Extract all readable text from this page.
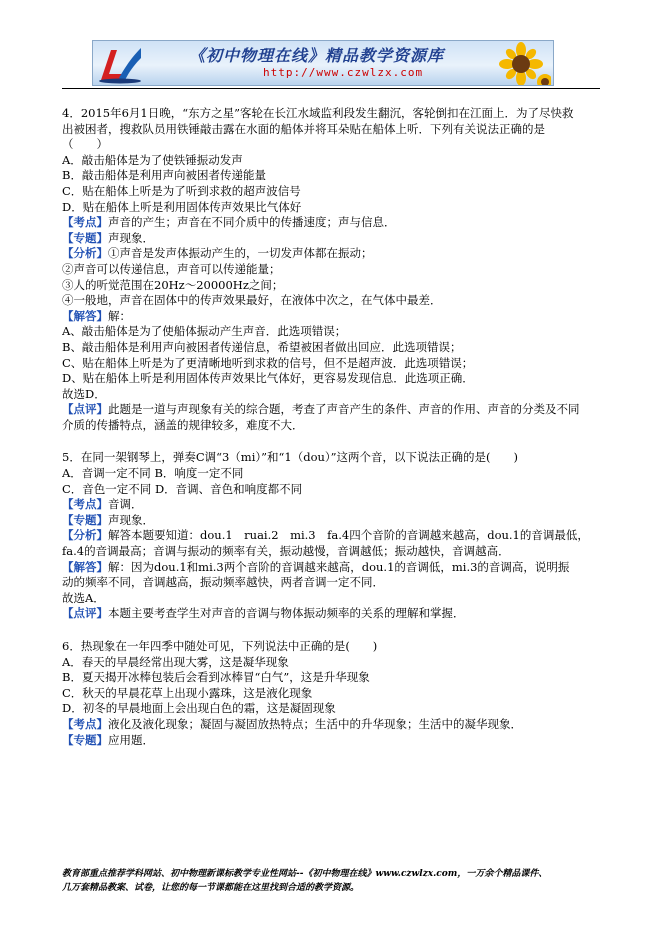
《初中物理在线》精品教学资源库
http://www.czwlzx.com
4．2015年6月1日晚，“东方之星”客轮在长江水域监利段发生翻沉，客轮倒扣在江面上．为了尽快救
出被困者，搜救队员用铁锤敲击露在水面的船体并将耳朵贴在船体上听．下列有关说法正确的是
（　　）
A．敲击船体是为了使铁锤振动发声
B．敲击船体是利用声向被困者传递能量
C．贴在船体上听是为了听到求救的超声波信号
D．贴在船体上听是利用固体传声效果比气体好
【考点】声音的产生；声音在不同介质中的传播速度；声与信息．
【专题】声现象．
【分析】①声音是发声体振动产生的，一切发声体都在振动；
②声音可以传递信息，声音可以传递能量；
③人的听觉范围在20Hz～20000Hz之间；
④一般地，声音在固体中的传声效果最好，在液体中次之，在气体中最差．
【解答】解：
A、敲击船体是为了使船体振动产生声音．此选项错误；
B、敲击船体是利用声向被困者传递信息，希望被困者做出回应．此选项错误；
C、贴在船体上听是为了更清晰地听到求救的信号，但不是超声波．此选项错误；
D、贴在船体上听是利用固体传声效果比气体好，更容易发现信息．此选项正确．
故选D．
【点评】此题是一道与声现象有关的综合题，考查了声音产生的条件、声音的作用、声音的分类及不同
介质的传播特点，涵盖的规律较多，难度不大．
5．在同一架钢琴上，弹奏C调“3（mi）”和“1（dou）”这两个音，以下说法正确的是(　　)
A．音调一定不同 B．响度一定不同
C．音色一定不同 D．音调、音色和响度都不同
【考点】音调．
【专题】声现象．
【分析】解答本题要知道：dou.1　ruai.2　mi.3　fa.4四个音阶的音调越来越高，dou.1的音调最低，
fa.4的音调最高；音调与振动的频率有关，振动越慢，音调越低；振动越快，音调越高．
【解答】解：因为dou.1和mi.3两个音阶的音调越来越高，dou.1的音调低，mi.3的音调高，说明振
动的频率不同，音调越高，振动频率越快，两者音调一定不同．
故选A．
【点评】本题主要考查学生对声音的音调与物体振动频率的关系的理解和掌握．
6．热现象在一年四季中随处可见，下列说法中正确的是(　　)
A．春天的早晨经常出现大雾，这是凝华现象
B．夏天揭开冰棒包装后会看到冰棒冒“白气”，这是升华现象
C．秋天的早晨花草上出现小露珠，这是液化现象
D．初冬的早晨地面上会出现白色的霜，这是凝固现象
【考点】液化及液化现象；凝固与凝固放热特点；生活中的升华现象；生活中的凝华现象．
【专题】应用题．
教育部重点推荐学科网站、初中物理新课标教学专业性网站--《初中物理在线》www.czwlzx.com，一万余个精品课件、
几万套精品教案、试卷，让您的每一节课都能在这里找到合适的教学资源。
